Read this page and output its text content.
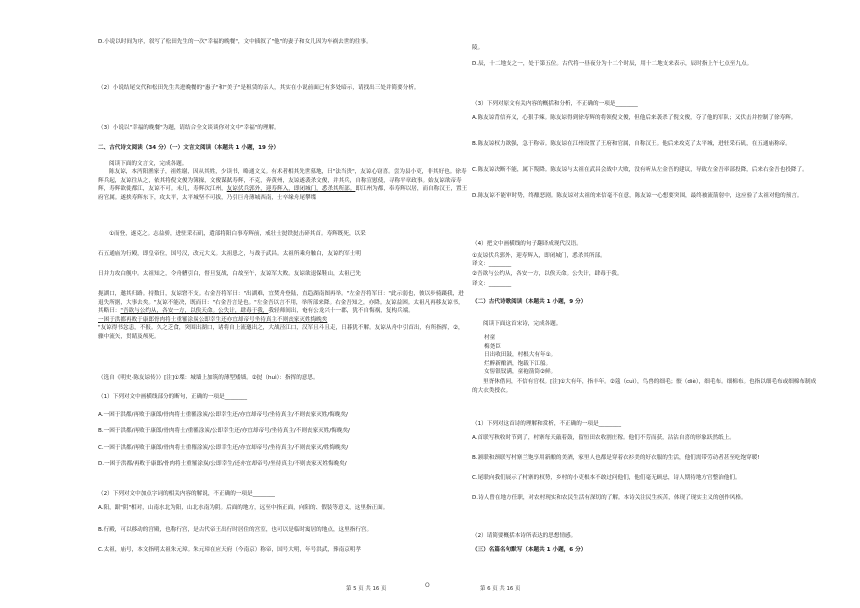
D.小说以时间为序，叙写了松田先生的一次"幸福的晚餐"，文中插叙了"他"的妻子和女儿因为车祸去世的往事。

（2）小说结尾交代和松田先生共进晚餐的"惠子"和"美子"是租赁的亲人，其实在小说前面已有多处暗示，请找出三处并简要分析。

（3）小说以"幸福的晚餐"为题，请结合全文谈谈你对文中"幸福"的理解。

二、古代诗文阅读（34 分）（一）文言文阅读（本题共 1 小题，19 分）

阅读下面的文言文，完成各题。

陈友谅，本沔阳渔家子，祖姓谢，因从其姓，少读书，略通文义。有术者相其先世墓地，曰"法当贵"，友谅心窃喜。尝为县小吏，非其好也。徐寿辉兵起，友谅往从之，依其将倪文俊为簿掾，文俊谋弑寿辉，不克，奔黄州，友谅遂袭杀文俊，并其兵，自称宣慰使，寻称平章政事。始友谅欲帝寿辉，寿辉欲徙都江，友谅不可。未几，寿辉次江州，友谅伏兵郭外，迎寿辉入，即闭城门，悉杀其所部。即江州为都，奉寿辉以居，而自称汉王，置王府官属。遂挟寿辉东下，攻太平，太平城坚不可拔，乃引巨舟薄城西南，士卒缘舟尾攀堞

①而登，遂克之。志益骄，进驻采石矶，遣部将阳白事寿辉前，戒壮士挝铁挝击碎其首。寿辉既死，以采

石五通庙为行殿，即皇帝位，国号汉，改元大义。太祖患之，与战于武昌。太祖所乘舟触白，友谅约军士明

日并力攻白舰中。太祖知之，令舟艚引白，督旦复战，白故至午，友谅军大败。友谅欲退保鞋山，太祖已先

扼湖口，邀其归路。持数日，友谅窘不支。右金吾将军曰："出湖难，宜焚舟登陆，直趋湖南图再举。"左金吾将军曰："此示弱也，彼以步骑蹑我，进退失所据，大事去矣。"友谅不能决，既而曰："右金吾言是也。"左金吾以言不用，举所部来降。右金吾知之，亦降。友谅益困。太祖凡再移友谅书，其略曰："吾欲与公约从，各安一方，以俟天命。公失计，肆毒于我，我轻师间出，奄有公龙兴十一郡，犹不自悔祸，复构兵端。

一困于洪都再败于康郎骨肉将士重罹涂炭公即幸生还亦宜却帝号坐待真主不则丧家灭姓悔晚矣

"友谅得书忿恚，不报。久之乏食，突围出湖口，诸将自上流邀出之，大战泾江口，汉军且斗且走，日暮犹不解。友谅从舟中引首出，有所指挥，②，骤中流矢，贯睛及颅死。

（选自《明史·陈友谅传》）[注]①堞：城墙上加筑的薄型矮墙。②挝（huì）：指挥的意思。

（1）下列对文中画横线部分的断句，正确的一项是________

A.一困于洪都/再败于康郎/骨肉将士重罹涂炭/公即幸生还/亦宜却帝号/坐待真主/不则丧家灭姓/悔晚矣/

B.一困于洪都/再败于康郎/骨肉将士/重罹涂炭/公即幸生还/亦宜却帝号/坐待真主/不则丧家灭姓/悔晚矣/

C.一困于洪都/再败于康郎/骨肉将士重罹涂炭/公即幸生还/亦宜却帝号/坐待真主/不则丧家灭/姓悔晚矣/

D.一困于洪都/再败于康郎/骨肉将士重罹涂炭/公即幸生/还亦宜却帝号/坐待真主/不则丧家灭姓悔晚矣/

（2）下列对文中加点字词的相关内容的解说，不正确的一项是________

A.阳，跟"阴"相对，山南水北为阳，山北水南为阴。后面的地方，远至中指正面，向阳的、假装等意义，这里指正面。

B.行殿，可以移动的宫殿，也称行宫，是古代帝王出行时居住的宫室，也可以是临时寓居的地点，这里指行宫。

C.太祖，庙号，本文指明太祖朱元璋。朱元璋在应天府（今南京）称帝，国号大明，年号洪武，葬南京明孝

陵。

D.辰，十二地支之一，处于第五位。古代将一昼夜分为十二个时辰，用十二地支来表示，辰时指上午七点至九点。

（3）下列对原文有关内容的概括和分析，不正确的一项是________

A.陈友谅背信弃义，心狠手辣。陈友谅得到徐寿辉的将领倪文俊，但他后来袭杀了倪文俊，夺了他的军队；又伏击并控制了徐寿辉。

B.陈友谅权力欲强，急于称帝。陈友谅在江州设置了王府和官属，自称汉王。他后来攻克了太平城，进驻采石矶，在五通庙称帝。

C.陈友谅决断不能，属下叛降。陈友谅与太祖在武昌会战中大败，没有听从左金吾的建议，导致左金吾率部投降，后来右金吾也投降了。

D.陈友谅不能审时势，终酿恶剧。陈友谅对太祖的来信毫不在意，陈友谅一心想要突围，最终被流箭射中，这应验了太祖对他的预言。

（4）把文中画横线的句子翻译成现代汉语。

①友谅伏兵郭外，迎寿辉入，即闭城门，悉杀其所部。

译文：________

②吾欲与公约从，各安一方，以俟天命。公失计，肆毒于我。

译文：________

（二）古代诗歌阅读（本题共 1 小题，9 分）

阅读下面这首宋诗，完成各题。

村童

梅尧臣

日出收田鼓，村根大有年①。

烂醉新酿酒，饱载下江船。

女髻银钗满，童袍箭筒②鲜。

里胥休借问，不信有官权。[注]①大有年，指丰年。②蔻（cuì），鸟兽的细毛；骹（diè），细毛布。细棉布。也指以细毛布或细棉布制成的大衣类授衣。

（1）下列对这首诗的理解和赏析，不正确的一项是________

A.首联写秋收时节到了，村寨每天敲着鼓，留恒田农收割庄稼。他们不劳而获，沾沾自喜的形象跃然纸上。

B.颔联和颈联写村寨兰饱享用新酿的美酒，家里人也都是穿着衣衫美的好衣服的生活，他们需带劳动者甚至吃饱穿暖!

C.尾联向我们展示了村寨的权势，乡村的小吏根本不敢过问他们，他们毫无顾忌，诗人期待地方官整治他们。

D.诗人曾在地方任职，对农村现实和农民生活有深切的了解。本诗关注民生疾苦，体现了现实主义的创作风格。

（2）请简要概括本诗所表达的思想情感。

（三）名篇名句默写（本题共 1 小题，6 分）

第 5 页 共 16 页	O	第 6 页 共 16 页
